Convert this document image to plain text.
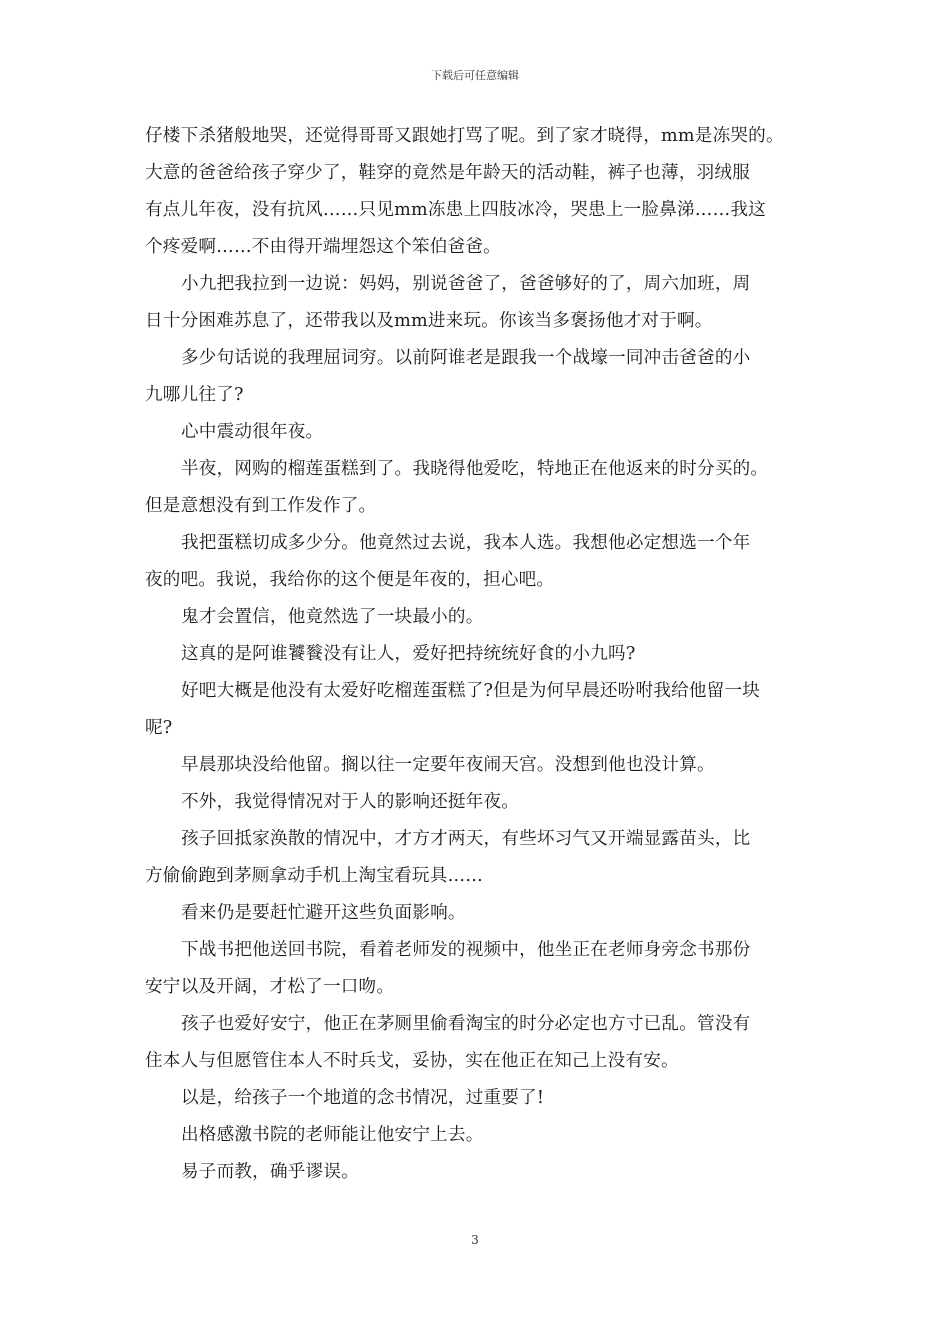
下载后可任意编辑
仔楼下杀猪般地哭，还觉得哥哥又跟她打骂了呢。到了家才晓得，mm是冻哭的。
大意的爸爸给孩子穿少了，鞋穿的竟然是年龄天的活动鞋，裤子也薄，羽绒服
有点儿年夜，没有抗风……只见mm冻患上四肢冰冷，哭患上一脸鼻涕……我这
个疼爱啊……不由得开端埋怨这个笨伯爸爸。
小九把我拉到一边说：妈妈，别说爸爸了，爸爸够好的了，周六加班，周
日十分困难苏息了，还带我以及mm进来玩。你该当多褒扬他才对于啊。
多少句话说的我理屈词穷。以前阿谁老是跟我一个战壕一同冲击爸爸的小
九哪儿往了?
心中震动很年夜。
半夜，网购的榴莲蛋糕到了。我晓得他爱吃，特地正在他返来的时分买的。
但是意想没有到工作发作了。
我把蛋糕切成多少分。他竟然过去说，我本人选。我想他必定想选一个年
夜的吧。我说，我给你的这个便是年夜的，担心吧。
鬼才会置信，他竟然选了一块最小的。
这真的是阿谁饕餮没有让人，爱好把持统统好食的小九吗?
好吧大概是他没有太爱好吃榴莲蛋糕了?但是为何早晨还吩咐我给他留一块
呢?
早晨那块没给他留。搁以往一定要年夜闹天宫。没想到他也没计算。
不外，我觉得情况对于人的影响还挺年夜。
孩子回抵家涣散的情况中，才方才两天，有些坏习气又开端显露苗头，比
方偷偷跑到茅厕拿动手机上淘宝看玩具……
看来仍是要赶忙避开这些负面影响。
下战书把他送回书院，看着老师发的视频中，他坐正在老师身旁念书那份
安宁以及开阔，才松了一口吻。
孩子也爱好安宁，他正在茅厕里偷看淘宝的时分必定也方寸已乱。管没有
住本人与但愿管住本人不时兵戈，妥协，实在他正在知己上没有安。
以是，给孩子一个地道的念书情况，过重要了!
出格感激书院的老师能让他安宁上去。
易子而教，确乎谬误。
3
